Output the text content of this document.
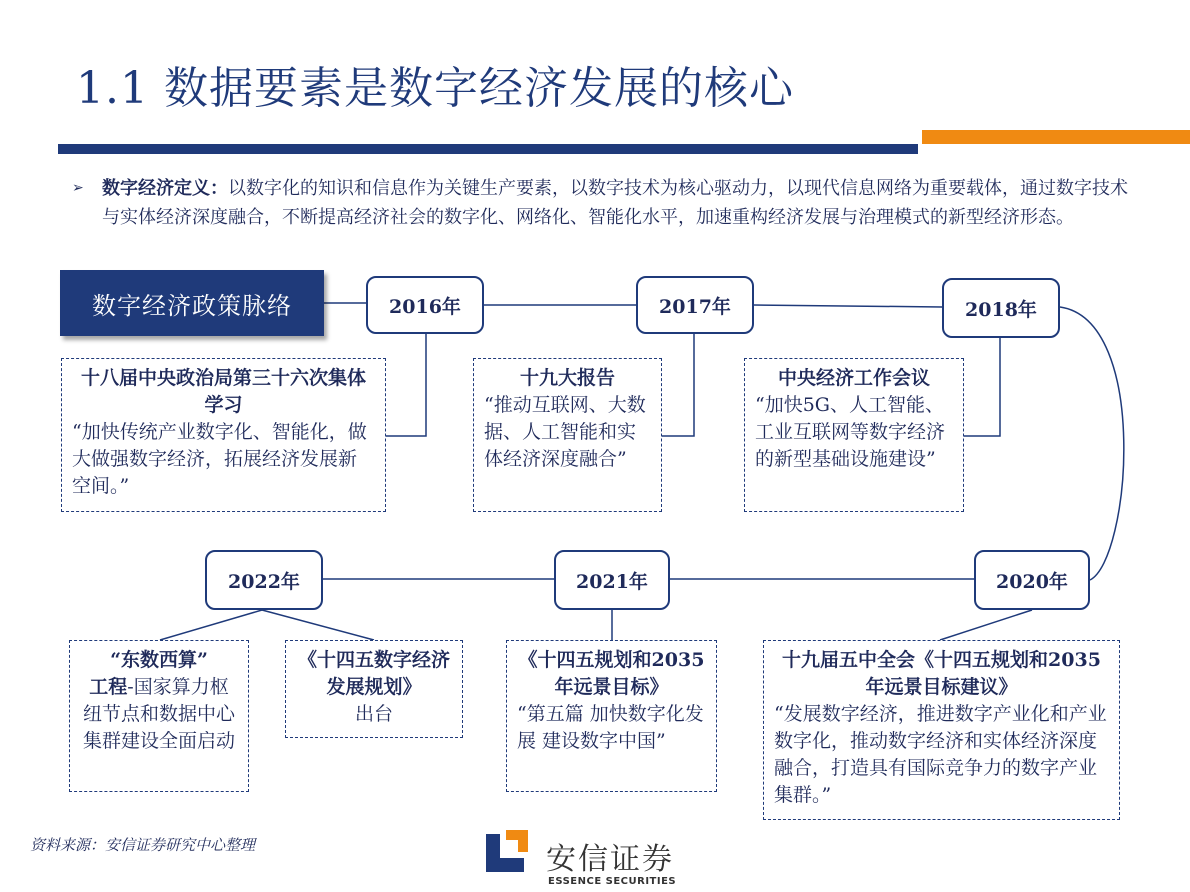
1.1 数据要素是数字经济发展的核心
➢ 数字经济定义：以数字化的知识和信息作为关键生产要素，以数字技术为核心驱动力，以现代信息网络为重要载体，通过数字技术与实体经济深度融合，不断提高经济社会的数字化、网络化、智能化水平，加速重构经济发展与治理模式的新型经济形态。
数字经济政策脉络	2016年	2017年	2018年
2020年
2021年
2022年
十八届中央政治局第三十六次集体学习
“加快传统产业数字化、智能化，做大做强数字经济，拓展经济发展新空间。”
十九大报告
“推动互联网、大数据、人工智能和实体经济深度融合”
中央经济工作会议
“加快5G、人工智能、工业互联网等数字经济的新型基础设施建设”
“东数西算”
工程-国家算力枢纽节点和数据中心集群建设全面启动
《十四五数字经济发展规划》
出台
《十四五规划和2035年远景目标》
“第五篇 加快数字化发展 建设数字中国”
十九届五中全会《十四五规划和2035年远景目标建议》
“发展数字经济，推进数字产业化和产业数字化，推动数字经济和实体经济深度融合，打造具有国际竞争力的数字产业集群。”
资料来源：安信证券研究中心整理	安信证券
ESSENCE SECURITIES
